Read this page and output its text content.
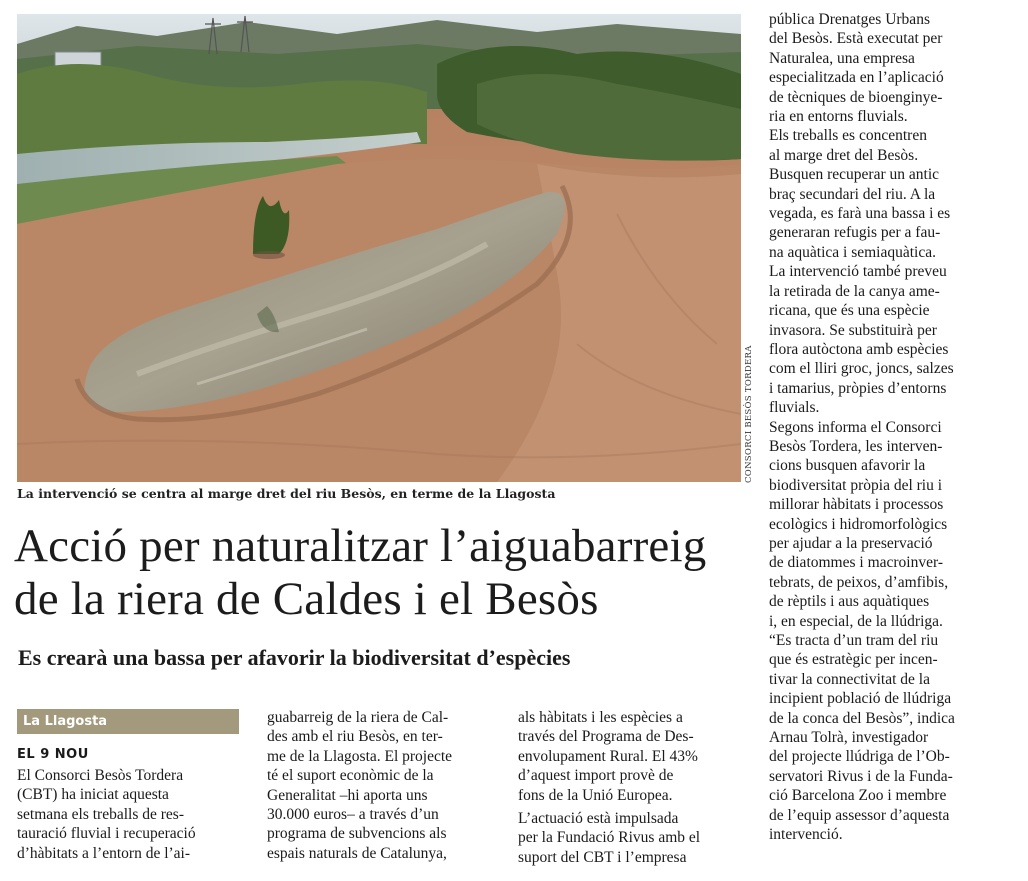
CONSORCI BESÒS TORDERA

La intervenció se centra al marge dret del riu Besòs, en terme de la Llagosta

Acció per naturalitzar l’aiguabarreig
de la riera de Caldes i el Besòs
Es crearà una bassa per afavorir la biodiversitat d’espècies
La Llagosta
EL 9 NOU

El Consorci Besòs Tordera
(CBT) ha iniciat aquesta
setmana els treballs de res-
tauració fluvial i recuperació
d’hàbitats a l’entorn de l’ai-

guabarreig de la riera de Cal-
des amb el riu Besòs, en ter-
me de la Llagosta. El projecte
té el suport econòmic de la
Generalitat –hi aporta uns
30.000 euros– a través d’un
programa de subvencions als
espais naturals de Catalunya,

als hàbitats i les espècies a
través del Programa de Des-
envolupament Rural. El 43%
d’aquest import provè de
fons de la Unió Europea.

L’actuació està impulsada
per la Fundació Rivus amb el
suport del CBT i l’empresa

pública Drenatges Urbans
del Besòs. Està executat per
Naturalea, una empresa
especialitzada en l’aplicació
de tècniques de bioenginye-
ria en entorns fluvials.

Els treballs es concentren
al marge dret del Besòs.
Busquen recuperar un antic
braç secundari del riu. A la
vegada, es farà una bassa i es
generaran refugis per a fau-
na aquàtica i semiaquàtica.
La intervenció també preveu
la retirada de la canya ame-
ricana, que és una espècie
invasora. Se substituirà per
flora autòctona amb espècies
com el lliri groc, joncs, salzes
i tamarius, pròpies d’entorns
fluvials.

Segons informa el Consorci
Besòs Tordera, les interven-
cions busquen afavorir la
biodiversitat pròpia del riu i
millorar hàbitats i processos
ecològics i hidromorfològics
per ajudar a la preservació
de diatommes i macroinver-
tebrats, de peixos, d’amfibis,
de rèptils i aus aquàtiques
i, en especial, de la llúdriga.
“Es tracta d’un tram del riu
que és estratègic per incen-
tivar la connectivitat de la
incipient població de llúdriga
de la conca del Besòs”, indica
Arnau Tolrà, investigador
del projecte llúdriga de l’Ob-
servatori Rivus i de la Funda-
ció Barcelona Zoo i membre
de l’equip assessor d’aquesta
intervenció.
